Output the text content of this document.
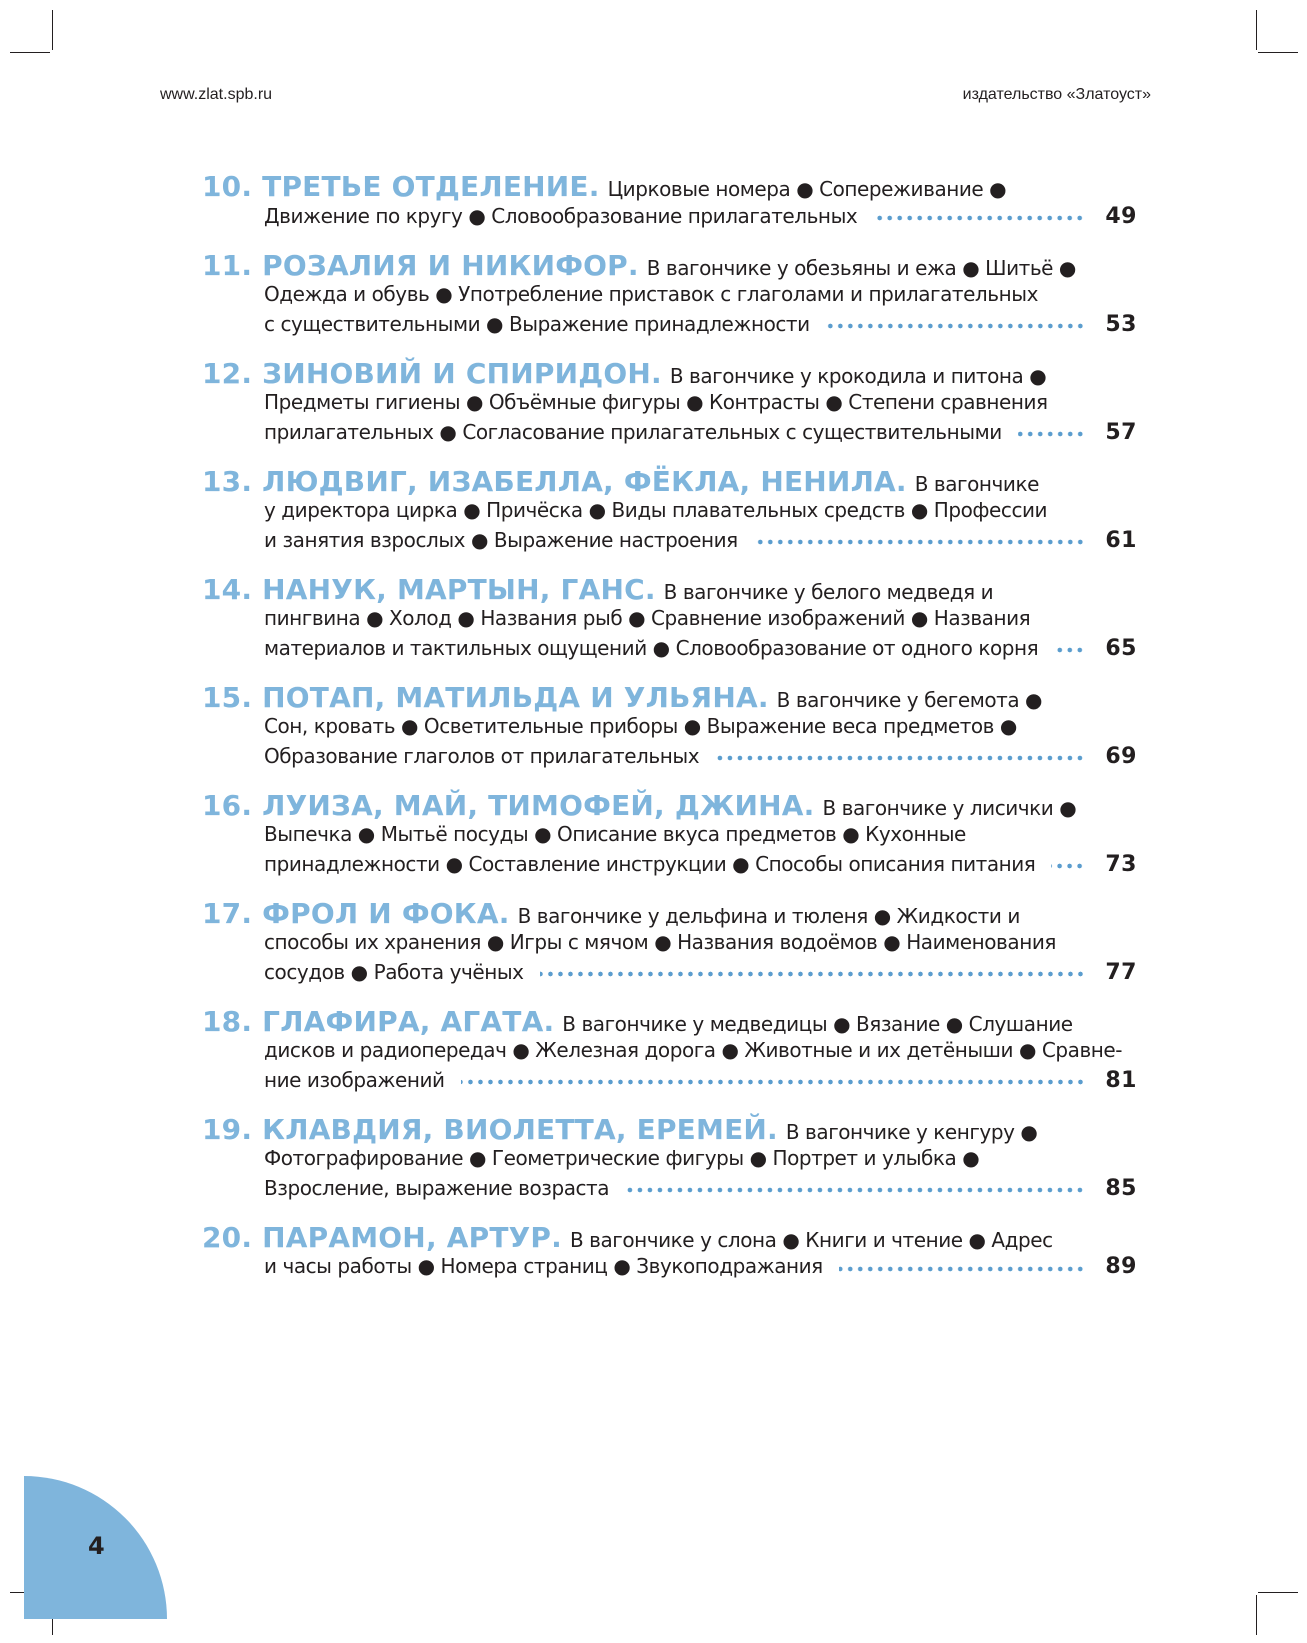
www.zlat.spb.ru	издательство «Златоуст»
10. ТРЕТЬЕ ОТДЕЛЕНИЕ. Цирковые номера ● Сопереживание ●
Движение по кругу ● Словообразование прилагательных	49
11. РОЗАЛИЯ И НИКИФОР. В вагончике у обезьяны и ежа ● Шитьё ●
Одежда и обувь ● Употребление приставок с глаголами и прилагательных
с существительными ● Выражение принадлежности	53
12. ЗИНОВИЙ И СПИРИДОН. В вагончике у крокодила и питона ●
Предметы гигиены ● Объёмные фигуры ● Контрасты ● Степени сравнения
прилагательных ● Согласование прилагательных с существительными	57
13. ЛЮДВИГ, ИЗАБЕЛЛА, ФЁКЛА, НЕНИЛА. В вагончике
у директора цирка ● Причёска ● Виды плавательных средств ● Профессии
и занятия взрослых ● Выражение настроения	61
14. НАНУК, МАРТЫН, ГАНС. В вагончике у белого медведя и
пингвина ● Холод ● Названия рыб ● Сравнение изображений ● Названия
материалов и тактильных ощущений ● Словообразование от одного корня	65
15. ПОТАП, МАТИЛЬДА И УЛЬЯНА. В вагончике у бегемота ●
Сон, кровать ● Осветительные приборы ● Выражение веса предметов ●
Образование глаголов от прилагательных	69
16. ЛУИЗА, МАЙ, ТИМОФЕЙ, ДЖИНА. В вагончике у лисички ●
Выпечка ● Мытьё посуды ● Описание вкуса предметов ● Кухонные
принадлежности ● Составление инструкции ● Способы описания питания	73
17. ФРОЛ И ФОКА. В вагончике у дельфина и тюленя ● Жидкости и
способы их хранения ● Игры с мячом ● Названия водоёмов ● Наименования
сосудов ● Работа учёных	77
18. ГЛАФИРА, АГАТА. В вагончике у медведицы ● Вязание ● Слушание
дисков и радиопередач ● Железная дорога ● Животные и их детёныши ● Сравне-
ние изображений	81
19. КЛАВДИЯ, ВИОЛЕТТА, ЕРЕМЕЙ. В вагончике у кенгуру ●
Фотографирование ● Геометрические фигуры ● Портрет и улыбка ●
Взросление, выражение возраста	85
20. ПАРАМОН, АРТУР. В вагончике у слона ● Книги и чтение ● Адрес
и часы работы ● Номера страниц ● Звукоподражания	89
4
